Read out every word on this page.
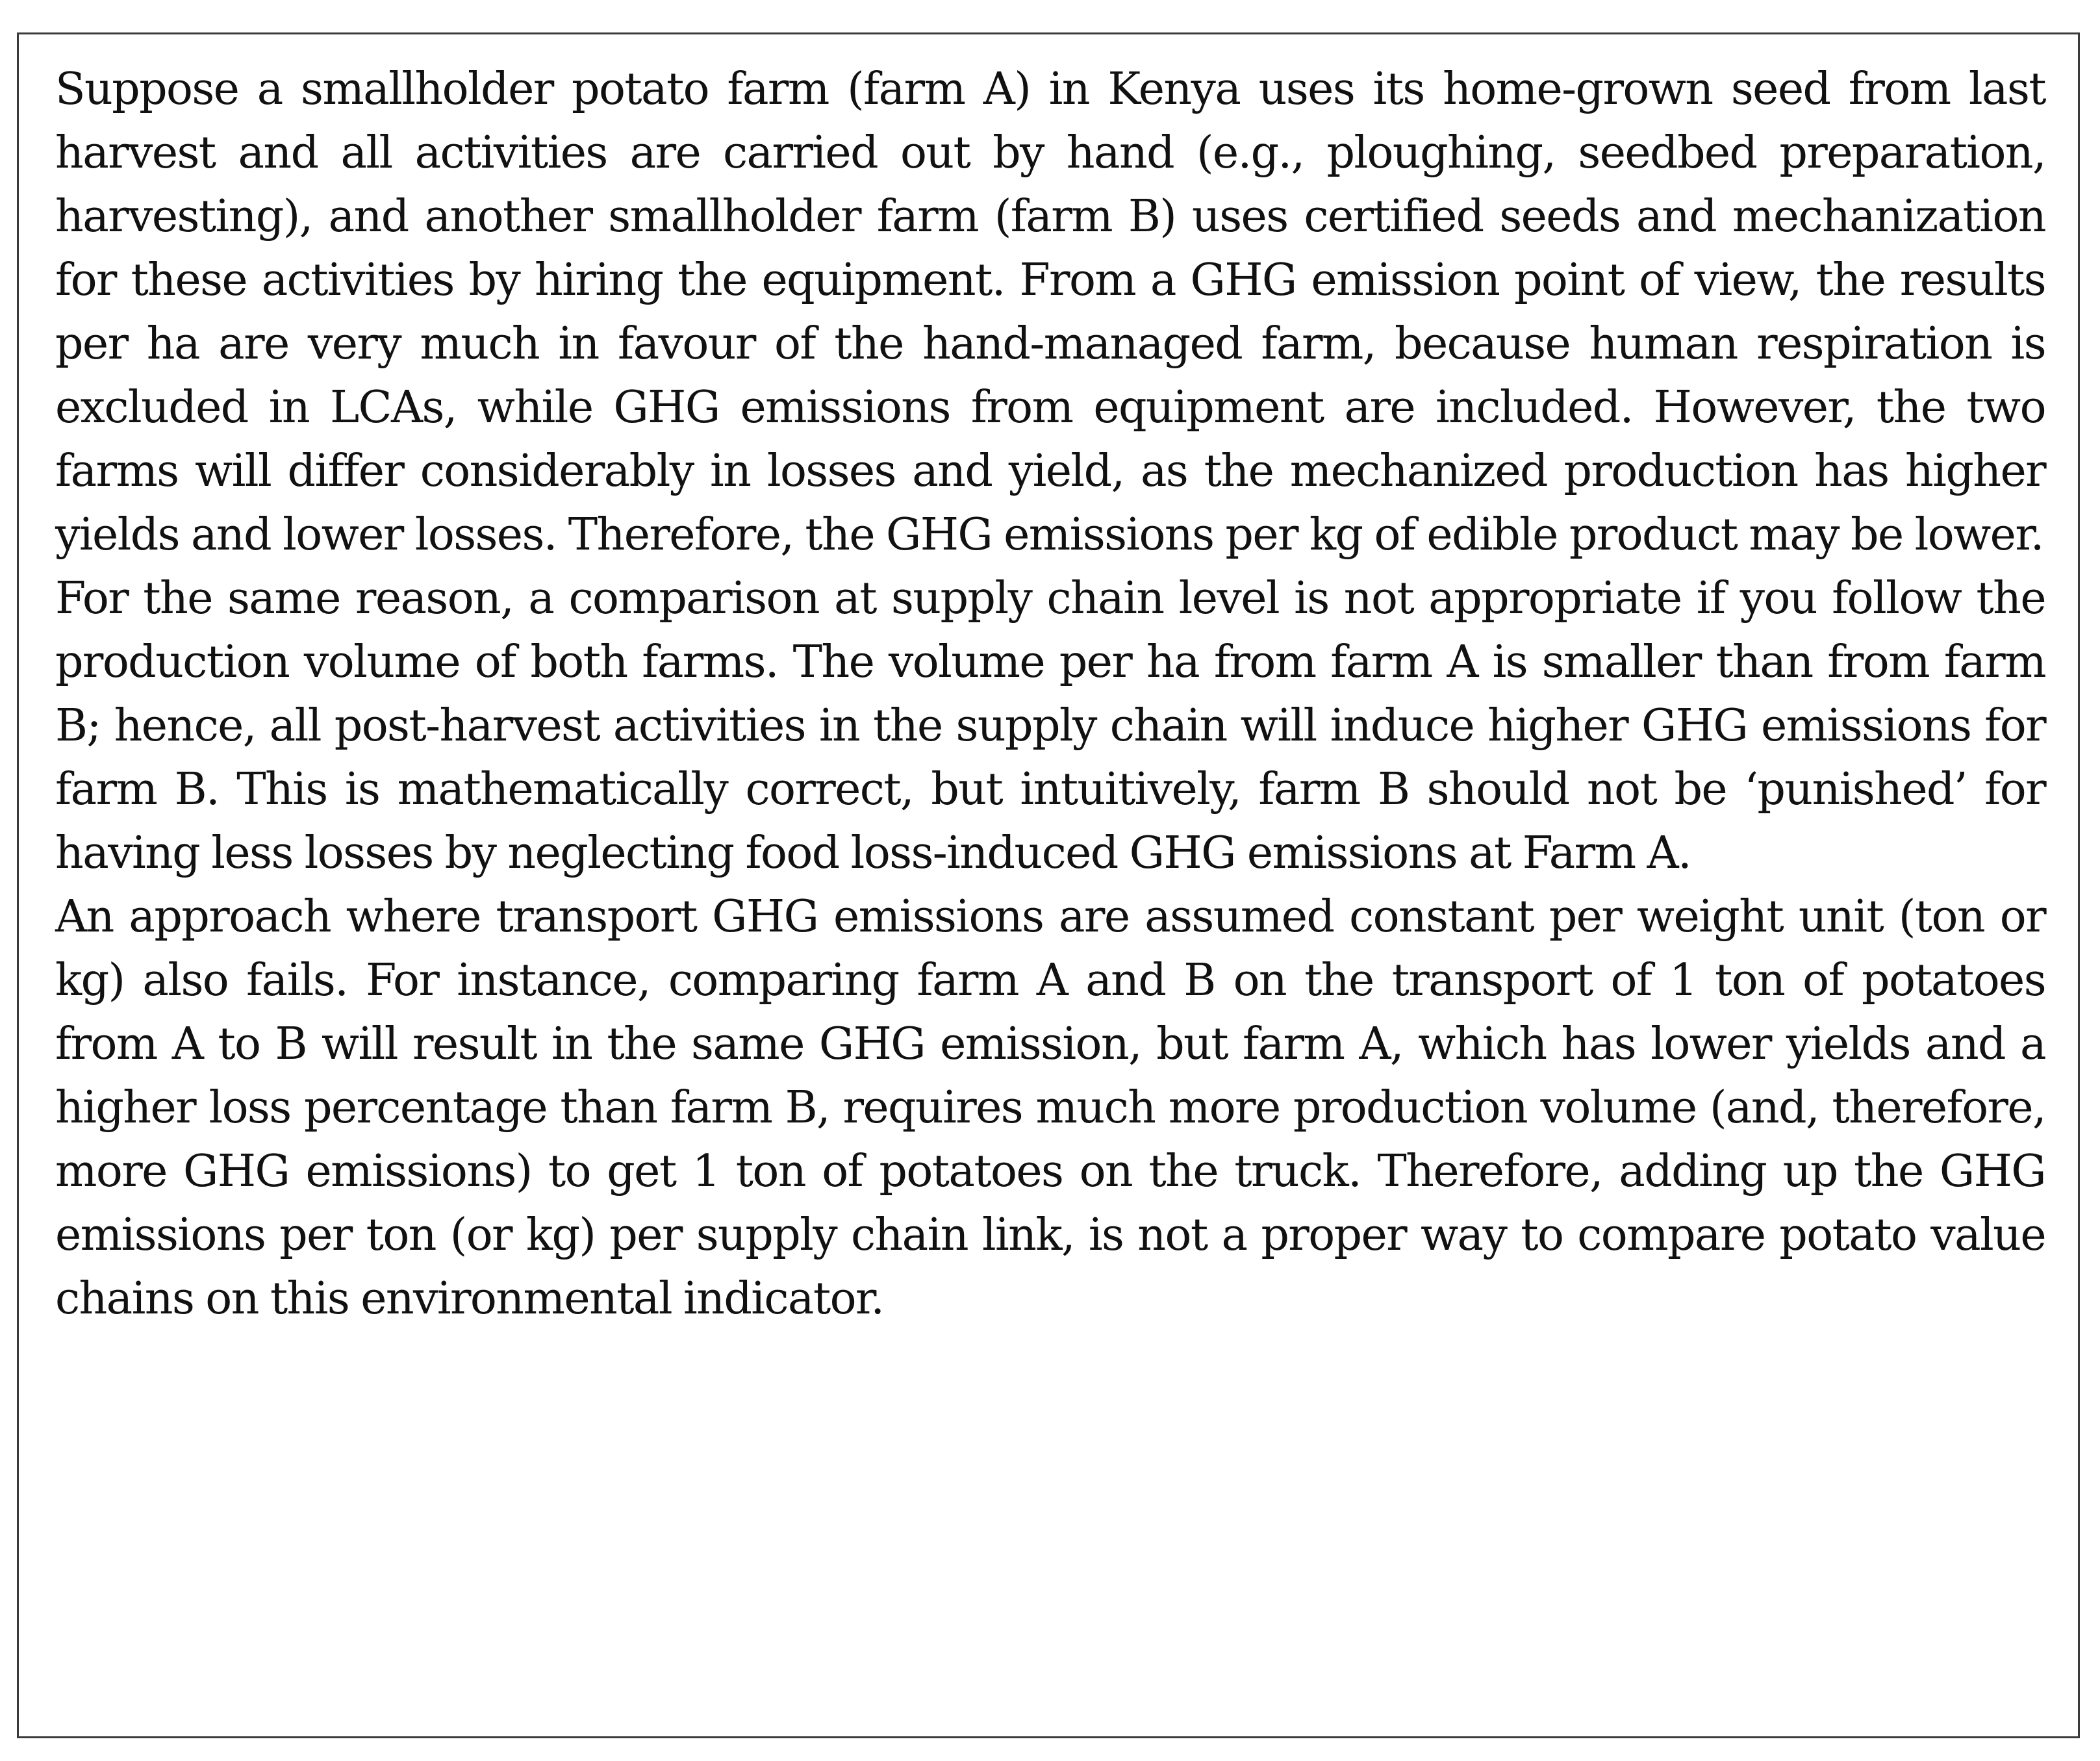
Suppose a smallholder potato farm (farm A) in Kenya uses its home-grown seed from last harvest and all activities are carried out by hand (e.g., ploughing, seedbed preparation, harvesting), and another smallholder farm (farm B) uses certified seeds and mechanization for these activities by hiring the equipment. From a GHG emission point of view, the results per ha are very much in favour of the hand-managed farm, because human respiration is excluded in LCAs, while GHG emissions from equipment are included. However, the two farms will differ considerably in losses and yield, as the mechanized production has higher yields and lower losses. Therefore, the GHG emissions per kg of edible product may be lower.

For the same reason, a comparison at supply chain level is not appropriate if you follow the production volume of both farms. The volume per ha from farm A is smaller than from farm B; hence, all post-harvest activities in the supply chain will induce higher GHG emissions for farm B. This is mathematically correct, but intuitively, farm B should not be ‘punished’ for having less losses by neglecting food loss-induced GHG emissions at Farm A.

An approach where transport GHG emissions are assumed constant per weight unit (ton or kg) also fails. For instance, comparing farm A and B on the transport of 1 ton of potatoes from A to B will result in the same GHG emission, but farm A, which has lower yields and a higher loss percentage than farm B, requires much more production volume (and, therefore, more GHG emissions) to get 1 ton of potatoes on the truck. Therefore, adding up the GHG emissions per ton (or kg) per supply chain link, is not a proper way to compare potato value chains on this environmental indicator.
